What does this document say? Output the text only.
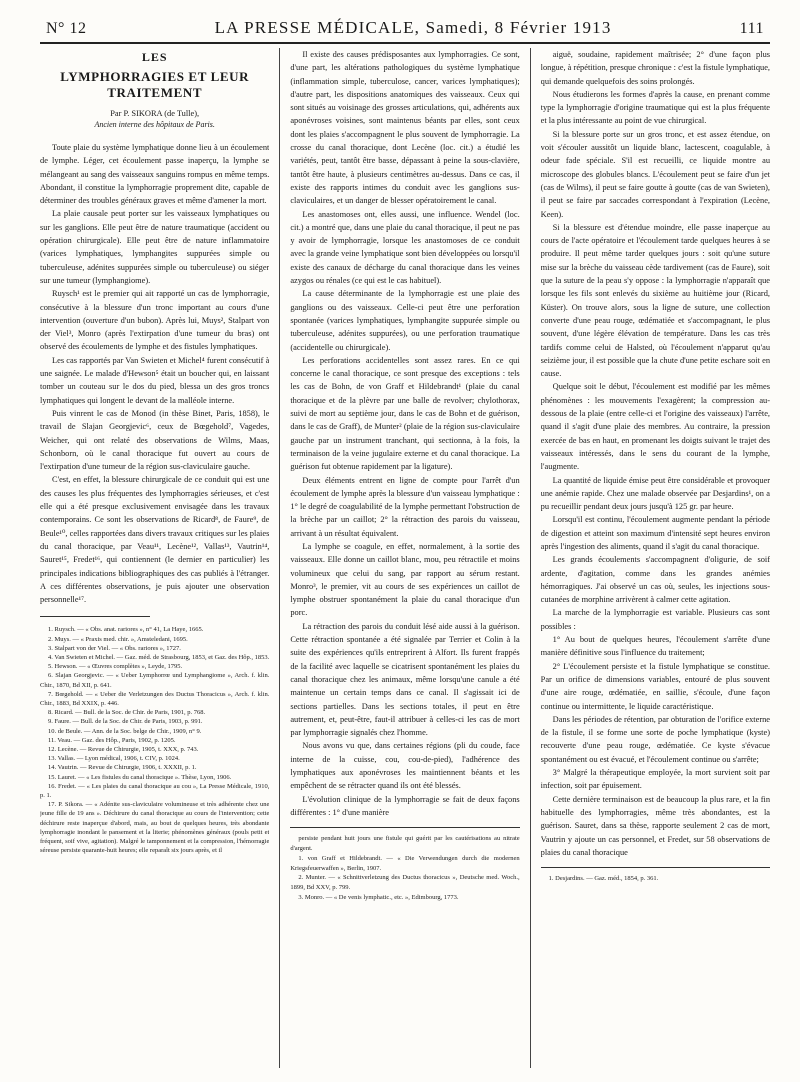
N° 12	LA PRESSE MÉDICALE, Samedi, 8 Février 1913	111
LES
LYMPHORRAGIES ET LEUR TRAITEMENT
Par P. SIKORA (de Tulle),
Ancien interne des hôpitaux de Paris.

Toute plaie du système lymphatique donne lieu à un écoulement de lymphe. Léger, cet écoulement passe inaperçu, la lymphe se mélangeant au sang des vaisseaux sanguins rompus en même temps. Abondant, il constitue la lymphorragie proprement dite, capable de déterminer des troubles généraux graves et même d'amener la mort.

La plaie causale peut porter sur les vaisseaux lymphatiques ou sur les ganglions. Elle peut être de nature traumatique (accident ou opération chirurgicale). Elle peut être de nature inflammatoire (varices lymphatiques, lymphangites suppurées simple ou tuberculeuse, adénites suppurées simple ou tuberculeuse) ou siéger sur une tumeur (lymphangiome).

Ruysch¹ est le premier qui ait rapporté un cas de lymphorragie, consécutive à la blessure d'un tronc important au cours d'une intervention (ouverture d'un bubon). Après lui, Muys², Stalpart von der Viel³, Monro (après l'extirpation d'une tumeur du bras) ont observé des écoulements de lymphe et des fistules lymphatiques.

Les cas rapportés par Van Swieten et Michel⁴ furent consécutif à une saignée. Le malade d'Hewson⁵ était un boucher qui, en laissant tomber un couteau sur le dos du pied, blessa un des gros troncs lymphatiques qui longent le devant de la malléole interne.

Puis vinrent le cas de Monod (in thèse Binet, Paris, 1858), le travail de Slajan Georgjevic⁶, ceux de Bœgehold⁷, Vagedes, Weicher, qui ont relaté des observations de Wilms, Maas, Schonborn, où le canal thoracique fut ouvert au cours de l'extirpation d'une tumeur de la région sus-claviculaire gauche.

C'est, en effet, la blessure chirurgicale de ce conduit qui est une des causes les plus fréquentes des lymphorragies sérieuses, et c'est elle qui a été presque exclusivement envisagée dans les travaux contemporains. Ce sont les observations de Ricard⁸, de Faure⁹, de Beule¹⁰, celles rapportées dans divers travaux critiques sur les plaies du canal thoracique, par Veau¹¹, Lecène¹², Vallas¹³, Vautrin¹⁴, Sauret¹⁵, Fredet¹⁶, qui contiennent (le dernier en particulier) les principales indications bibliographiques des cas publiés à l'étranger. A ces différentes observations, je puis ajouter une observation personnelle¹⁷.

1. Ruysch. — « Obs. anat. rariores », n° 41, La Haye, 1665.

2. Muys. — « Praxis med. chir. », Amsteledani, 1695.

3. Stalpart von der Viel. — « Obs. rariores », 1727.

4. Van Swieten et Michel. — Gaz. méd. de Strasbourg, 1853, et Gaz. des Hôp., 1853.

5. Hewson. — « Œuvres complètes », Leyde, 1795.

6. Slajan Georgjevic. — « Ueber Lymphorrœ und Lymphangiome », Arch. f. klin. Chir., 1870, Bd XII, p. 641.

7. Bœgehold. — « Ueber die Verletzungen des Ductus Thoracicus », Arch. f. klin. Chir., 1883, Bd XXIX, p. 446.

8. Ricard. — Bull. de la Soc. de Chir. de Paris, 1901, p. 768.

9. Faure. — Bull. de la Soc. de Chir. de Paris, 1903, p. 991.

10. de Beule. — Ann. de la Soc. belge de Chir., 1909, n° 9.

11. Veau. — Gaz. des Hôp., Paris, 1902, p. 1205.

12. Lecène. — Revue de Chirurgie, 1905, t. XXX, p. 743.

13. Vallas. — Lyon médical, 1906, t. CIV, p. 1024.

14. Vautrin. — Revue de Chirurgie, 1906, t. XXXII, p. 1.

15. Lauret. — « Les fistules du canal thoracique ». Thèse, Lyon, 1906.

16. Fredet. — « Les plaies du canal thoracique au cou », La Presse Médicale, 1910, p. 1.

17. P. Sikora. — « Adénite sus-claviculaire volumineuse et très adhérente chez une jeune fille de 19 ans ». Déchirure du canal thoracique au cours de l'intervention; cette déchirure reste inaperçue d'abord, mais, au bout de quelques heures, très abondante lymphorragie inondant le pansement et la literie; phénomènes généraux (pouls petit et fréquent, soif vive, agitation). Malgré le tamponnement et la compression, l'hémorragie séreuse persiste quarante-huit heures; elle reparaît six jours après, et il

Il existe des causes prédisposantes aux lymphorragies. Ce sont, d'une part, les altérations pathologiques du système lymphatique (inflammation simple, tuberculose, cancer, varices lymphatiques); d'autre part, les dispositions anatomiques des vaisseaux. Ceux qui sont situés au voisinage des grosses articulations, qui, adhérents aux aponévroses voisines, sont maintenus béants par elles, sont ceux dont les plaies s'accompagnent le plus souvent de lymphorragie. La crosse du canal thoracique, dont Lecène (loc. cit.) a étudié les variétés, peut, tantôt être basse, dépassant à peine la sous-clavière, tantôt être haute, à plusieurs centimètres au-dessus. Dans ce cas, il existe des rapports intimes du conduit avec les ganglions sus-claviculaires, et un danger de blesser opératoirement le canal.

Les anastomoses ont, elles aussi, une influence. Wendel (loc. cit.) a montré que, dans une plaie du canal thoracique, il peut ne pas y avoir de lymphorragie, lorsque les anastomoses de ce conduit avec la grande veine lymphatique sont bien développées ou lorsqu'il existe des canaux de décharge du canal thoracique dans les veines azygos ou rénales (ce qui est le cas habituel).

La cause déterminante de la lymphorragie est une plaie des ganglions ou des vaisseaux. Celle-ci peut être une perforation spontanée (varices lymphatiques, lymphangite suppurée simple ou tuberculeuse, adénites suppurées), ou une perforation traumatique (accidentelle ou chirurgicale).

Les perforations accidentelles sont assez rares. En ce qui concerne le canal thoracique, ce sont presque des exceptions : tels les cas de Bohn, de von Graff et Hildebrandt¹ (plaie du canal thoracique et de la plèvre par une balle de revolver; chylothorax, suivi de mort au septième jour, dans le cas de Bohn et de guérison, dans le cas de Graff), de Munter² (plaie de la région sus-claviculaire gauche par un instrument tranchant, qui sectionna, à la fois, la terminaison de la veine jugulaire externe et du canal thoracique. La guérison fut obtenue rapidement par la ligature).

Deux éléments entrent en ligne de compte pour l'arrêt d'un écoulement de lymphe après la blessure d'un vaisseau lymphatique : 1° le degré de coagulabilité de la lymphe permettant l'obstruction de la brèche par un caillot; 2° la rétraction des parois du vaisseau, arrivant à un résultat équivalent.

La lymphe se coagule, en effet, normalement, à la sortie des vaisseaux. Elle donne un caillot blanc, mou, peu rétractile et moins volumineux que celui du sang, par rapport au sérum restant. Monro³, le premier, vit au cours de ses expériences un caillot de lymphe obstruer spontanément la plaie du canal thoracique d'un porc.

La rétraction des parois du conduit lésé aide aussi à la guérison. Cette rétraction spontanée a été signalée par Terrier et Colin à la suite des expériences qu'ils entreprirent à Alfort. Ils furent frappés de la facilité avec laquelle se cicatrisent spontanément les plaies du canal thoracique chez les animaux, même lorsqu'une canule a été maintenue un certain temps dans ce canal. Il s'agissait ici de sections partielles. Dans les sections totales, il peut en être autrement, et, peut-être, faut-il attribuer à celles-ci les cas de mort par lymphorragie signalés chez l'homme.

Nous avons vu que, dans certaines régions (pli du coude, face interne de la cuisse, cou, cou-de-pied), l'adhérence des lymphatiques aux aponévroses les maintiennent béants et les empêchent de se rétracter quand ils ont été blessés.

L'évolution clinique de la lymphorragie se fait de deux façons différentes : 1° d'une manière

persiste pendant huit jours une fistule qui guérit par les cautérisations au nitrate d'argent.

1. von Graff et Hildebrandt. — « Die Verwendungen durch die modernen Kriegsfeuerwaffen », Berlin, 1907.

2. Munter. — « Schnittverletzung des Ductus thoracicus », Deutsche med. Woch., 1899, Bd XXV, p. 799.

3. Monro. — « De venis lymphatic., etc. », Edimbourg, 1773.

aiguë, soudaine, rapidement maîtrisée; 2° d'une façon plus longue, à répétition, presque chronique : c'est la fistule lymphatique, qui demande quelquefois des soins prolongés.

Nous étudierons les formes d'après la cause, en prenant comme type la lymphorragie d'origine traumatique qui est la plus fréquente et la plus intéressante au point de vue chirurgical.

Si la blessure porte sur un gros tronc, et est assez étendue, on voit s'écouler aussitôt un liquide blanc, lactescent, coagulable, à odeur fade spéciale. S'il est recueilli, ce liquide montre au microscope des globules blancs. L'écoulement peut se faire d'un jet (cas de Wilms), il peut se faire goutte à goutte (cas de van Swieten), il peut se faire par saccades correspondant à l'expiration (Lecène, Keen).

Si la blessure est d'étendue moindre, elle passe inaperçue au cours de l'acte opératoire et l'écoulement tarde quelques heures à se produire. Il peut même tarder quelques jours : soit qu'une suture mise sur la brèche du vaisseau cède tardivement (cas de Faure), soit que la suture de la peau s'y oppose : la lymphorragie n'apparaît que lorsque les fils sont enlevés du sixième au huitième jour (Ricard, Küster). On trouve alors, sous la ligne de suture, une collection converte d'une peau rouge, œdématiée et s'accompagnant, le plus souvent, d'une légère élévation de température. Dans les cas très tardifs comme celui de Halsted, où l'écoulement n'apparut qu'au seizième jour, il est possible que la chute d'une petite eschare soit en cause.

Quelque soit le début, l'écoulement est modifié par les mêmes phénomènes : les mouvements l'exagèrent; la compression au-dessous de la plaie (entre celle-ci et l'origine des vaisseaux) l'arrête, quand il s'agit d'une plaie des membres. Au contraire, la pression exercée de bas en haut, en promenant les doigts suivant le trajet des vaisseaux intéressés, dans le sens du courant de la lymphe, l'augmente.

La quantité de liquide émise peut être considérable et provoquer une anémie rapide. Chez une malade observée par Desjardins¹, on a pu recueillir pendant deux jours jusqu'à 125 gr. par heure.

Lorsqu'il est continu, l'écoulement augmente pendant la période de digestion et atteint son maximum d'intensité sept heures environ après l'ingestion des aliments, quand il s'agit du canal thoracique.

Les grands écoulements s'accompagnent d'oligurie, de soif ardente, d'agitation, comme dans les grandes anémies hémorragiques. J'ai observé un cas où, seules, les injections sous-cutanées de morphine arrivèrent à calmer cette agitation.

La marche de la lymphorragie est variable. Plusieurs cas sont possibles :

1° Au bout de quelques heures, l'écoulement s'arrête d'une manière définitive sous l'influence du traitement;

2° L'écoulement persiste et la fistule lymphatique se constitue. Par un orifice de dimensions variables, entouré de plus souvent d'une aire rouge, œdématiée, en saillie, s'écoule, d'une façon continue ou intermittente, le liquide caractéristique.

Dans les périodes de rétention, par obturation de l'orifice externe de la fistule, il se forme une sorte de poche lymphatique (kyste) recouverte d'une peau rouge, œdématiée. Ce kyste s'évacue spontanément ou est évacué, et l'écoulement continue ou s'arrête;

3° Malgré la thérapeutique employée, la mort survient soit par infection, soit par épuisement.

Cette dernière terminaison est de beaucoup la plus rare, et la fin habituelle des lymphorragies, même très abondantes, est la guérison. Sauret, dans sa thèse, rapporte seulement 2 cas de mort, Vautrin y ajoute un cas personnel, et Fredet, sur 58 observations de plaies du canal thoracique

1. Desjardins. — Gaz. méd., 1854, p. 361.
